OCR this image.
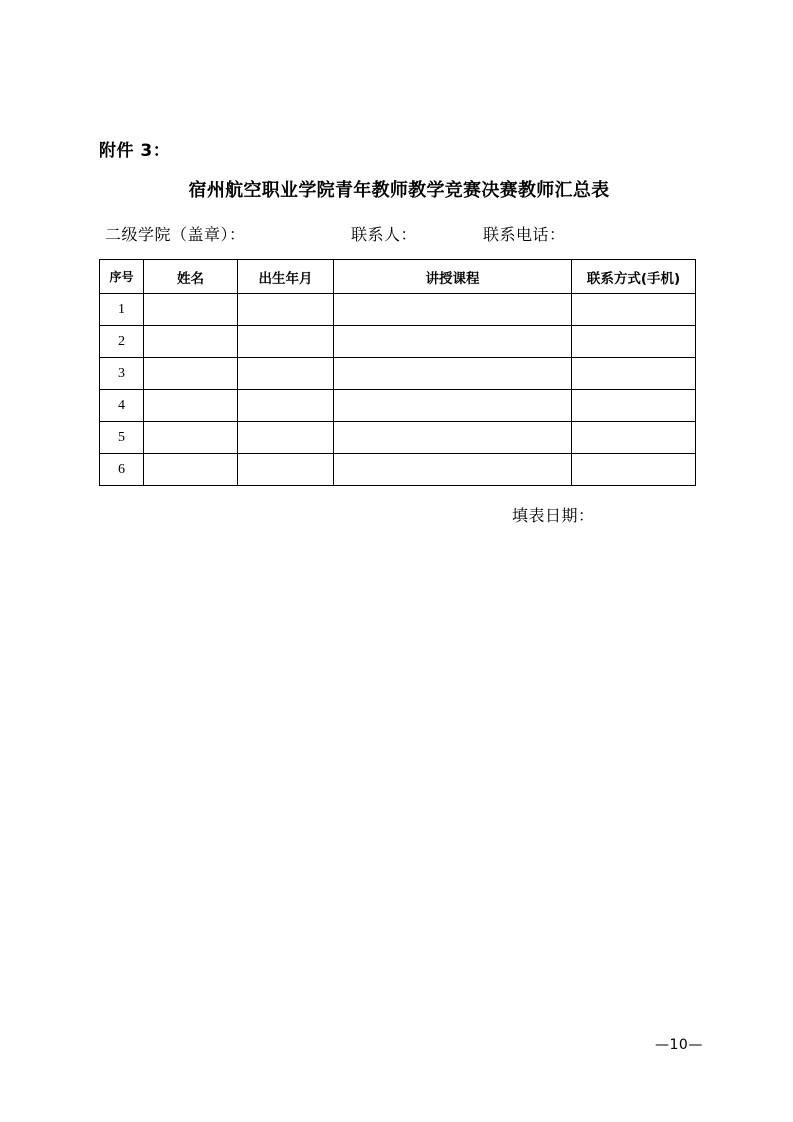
附件 3：
宿州航空职业学院青年教师教学竞赛决赛教师汇总表
二级学院（盖章）：	联系人：	联系电话：
序号	姓名	出生年月	讲授课程	联系方式(手机)
1				
2				
3				
4				
5				
6				
填表日期：
—10—
